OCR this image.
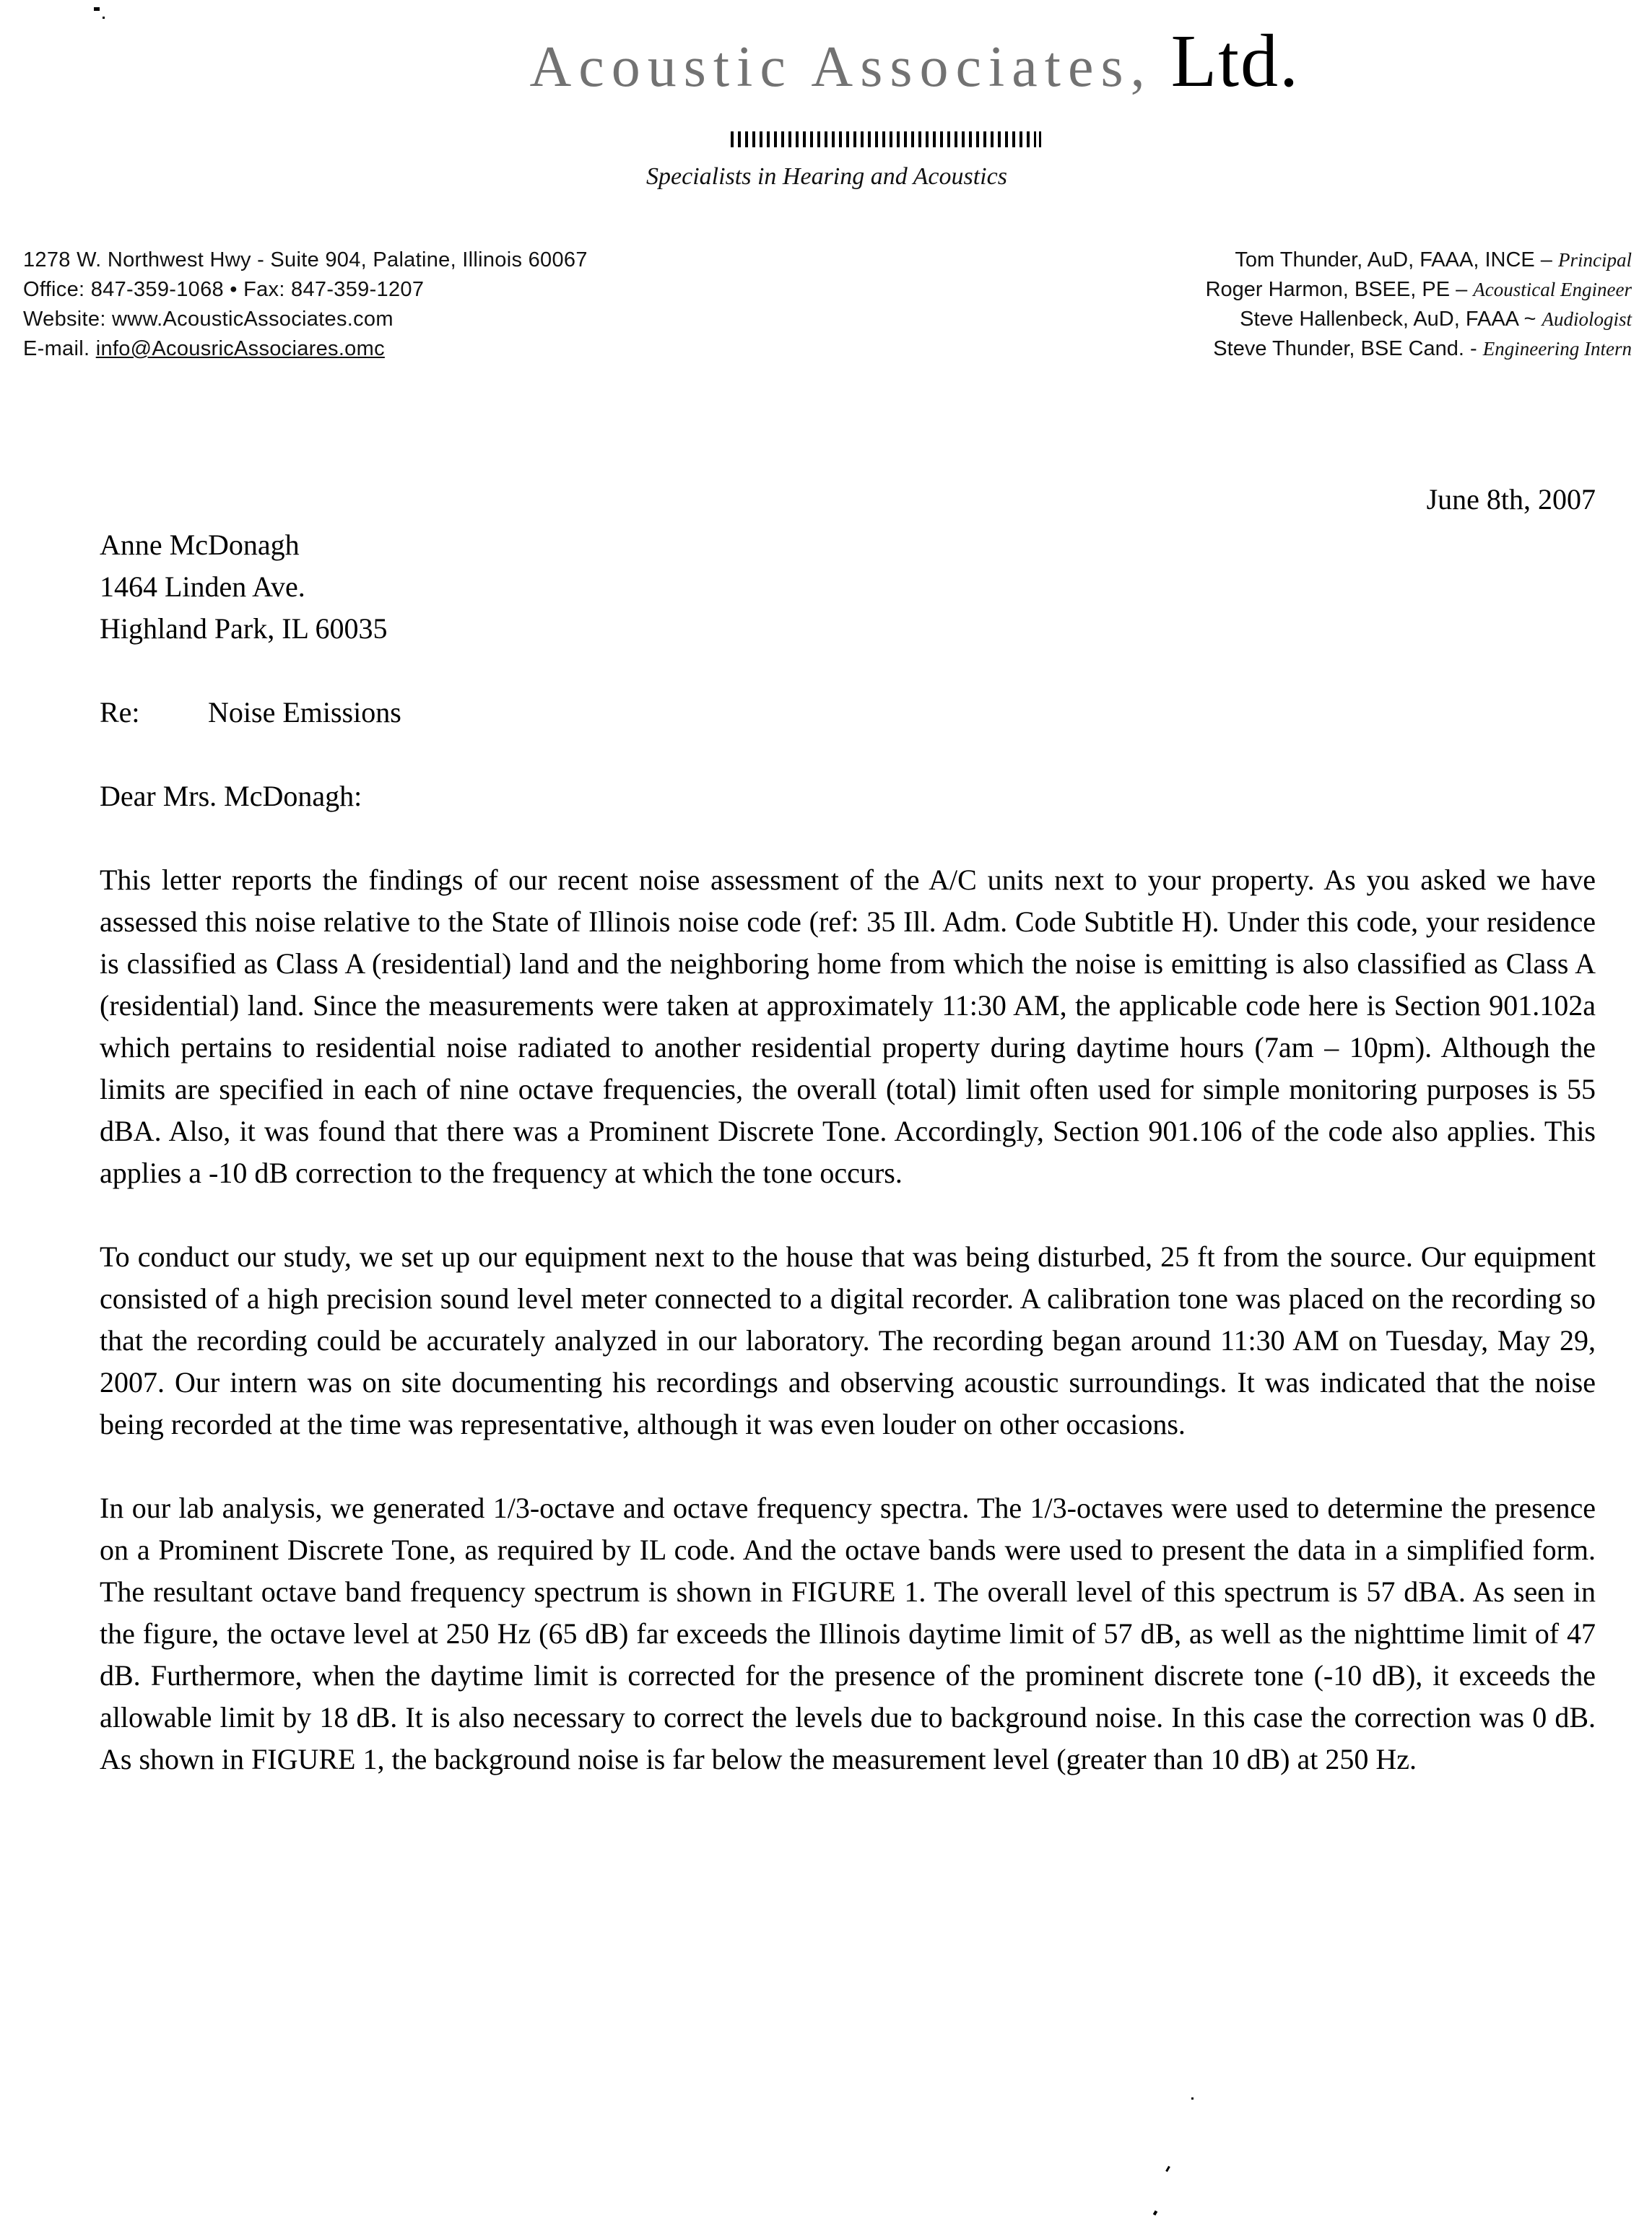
Acoustic Associates, Ltd.
Specialists in Hearing and Acoustics
1278 W. Northwest Hwy - Suite 904, Palatine, Illinois 60067
Office: 847-359-1068 • Fax: 847-359-1207
Website: www.AcousticAssociates.com
E-mail. info@AcousricAssociares.omc
Tom Thunder, AuD, FAAA, INCE – Principal
Roger Harmon, BSEE, PE – Acoustical Engineer
Steve Hallenbeck, AuD, FAAA ~ Audiologist
Steve Thunder, BSE Cand. - Engineering Intern
June 8th, 2007
Anne McDonagh
1464 Linden Ave.
Highland Park, IL 60035
Re: Noise Emissions
Dear Mrs. McDonagh:

This letter reports the findings of our recent noise assessment of the A/C units next to your property. As you asked we have assessed this noise relative to the State of Illinois noise code (ref: 35 Ill. Adm. Code Subtitle H). Under this code, your residence is classified as Class A (residential) land and the neighboring home from which the noise is emitting is also classified as Class A (residential) land. Since the measurements were taken at approximately 11:30 AM, the applicable code here is Section 901.102a which pertains to residential noise radiated to another residential property during daytime hours (7am – 10pm). Although the limits are specified in each of nine octave frequencies, the overall (total) limit often used for simple monitoring purposes is 55 dBA. Also, it was found that there was a Prominent Discrete Tone. Accordingly, Section 901.106 of the code also applies. This applies a -10 dB correction to the frequency at which the tone occurs.

To conduct our study, we set up our equipment next to the house that was being disturbed, 25 ft from the source. Our equipment consisted of a high precision sound level meter connected to a digital recorder. A calibration tone was placed on the recording so that the recording could be accurately analyzed in our laboratory. The recording began around 11:30 AM on Tuesday, May 29, 2007. Our intern was on site documenting his recordings and observing acoustic surroundings. It was indicated that the noise being recorded at the time was representative, although it was even louder on other occasions.

In our lab analysis, we generated 1/3-octave and octave frequency spectra. The 1/3-octaves were used to determine the presence on a Prominent Discrete Tone, as required by IL code. And the octave bands were used to present the data in a simplified form. The resultant octave band frequency spectrum is shown in FIGURE 1. The overall level of this spectrum is 57 dBA. As seen in the figure, the octave level at 250 Hz (65 dB) far exceeds the Illinois daytime limit of 57 dB, as well as the nighttime limit of 47 dB. Furthermore, when the daytime limit is corrected for the presence of the prominent discrete tone (-10 dB), it exceeds the allowable limit by 18 dB. It is also necessary to correct the levels due to background noise. In this case the correction was 0 dB. As shown in FIGURE 1, the background noise is far below the measurement level (greater than 10 dB) at 250 Hz.
